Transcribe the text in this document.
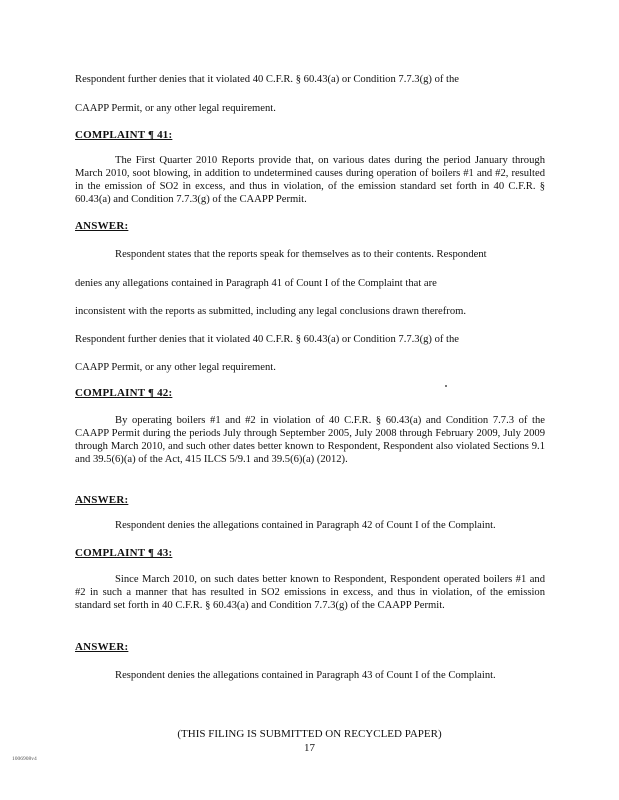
Respondent further denies that it violated 40 C.F.R. § 60.43(a) or Condition 7.7.3(g) of the

CAAPP Permit, or any other legal requirement.

COMPLAINT ¶ 41:

The First Quarter 2010 Reports provide that, on various dates during the period January through March 2010, soot blowing, in addition to undetermined causes during operation of boilers #1 and #2, resulted in the emission of SO2 in excess, and thus in violation, of the emission standard set forth in 40 C.F.R. § 60.43(a) and Condition 7.7.3(g) of the CAAPP Permit.

ANSWER:

Respondent states that the reports speak for themselves as to their contents. Respondent

denies any allegations contained in Paragraph 41 of Count I of the Complaint that are

inconsistent with the reports as submitted, including any legal conclusions drawn therefrom.

Respondent further denies that it violated 40 C.F.R. § 60.43(a) or Condition 7.7.3(g) of the

CAAPP Permit, or any other legal requirement.

COMPLAINT ¶ 42:

By operating boilers #1 and #2 in violation of 40 C.F.R. § 60.43(a) and Condition 7.7.3 of the CAAPP Permit during the periods July through September 2005, July 2008 through February 2009, July 2009 through March 2010, and such other dates better known to Respondent, Respondent also violated Sections 9.1 and 39.5(6)(a) of the Act, 415 ILCS 5/9.1 and 39.5(6)(a) (2012).

ANSWER:

Respondent denies the allegations contained in Paragraph 42 of Count I of the Complaint.

COMPLAINT ¶ 43:

Since March 2010, on such dates better known to Respondent, Respondent operated boilers #1 and #2 in such a manner that has resulted in SO2 emissions in excess, and thus in violation, of the emission standard set forth in 40 C.F.R. § 60.43(a) and Condition 7.7.3(g) of the CAAPP Permit.

ANSWER:

Respondent denies the allegations contained in Paragraph 43 of Count I of the Complaint.

(THIS FILING IS SUBMITTED ON RECYCLED PAPER)

17

1006908v4
